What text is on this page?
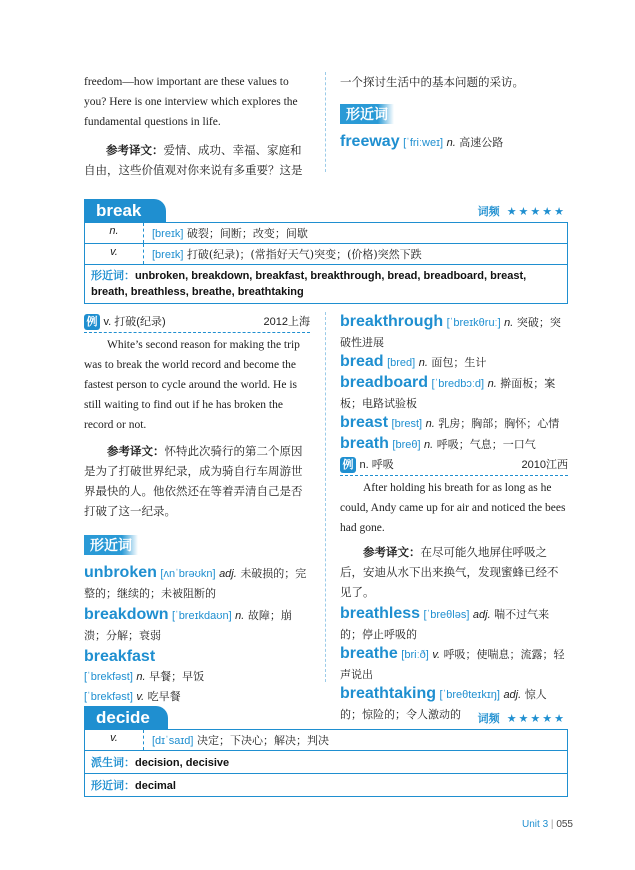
freedom—how important are these values to you? Here is one interview which explores the fundamental questions in life.

参考译文：爱情、成功、幸福、家庭和自由，这些价值观对你来说有多重要？这是

一个探讨生活中的基本问题的采访。

形近词

freeway [ˈfriːweɪ] n. 高速公路

break	词频 ★★★★★
n.	[breɪk] 破裂；间断；改变；间歇
v.	[breɪk] 打破(纪录)；(常指好天气)突变；(价格)突然下跌
形近词：unbroken, breakdown, breakfast, breakthrough, bread, breadboard, breast, breath, breathless, breathe, breathtaking
例 v. 打破(纪录)	2012上海

White’s second reason for making the trip was to break the world record and become the fastest person to cycle around the world. He is still waiting to find out if he has broken the record or not.

参考译文：怀特此次骑行的第二个原因是为了打破世界纪录，成为骑自行车周游世界最快的人。他依然还在等着弄清自己是否打破了这一纪录。

形近词

unbroken [ʌnˈbrəʊkn] adj. 未破损的；完整的；继续的；未被阻断的

breakdown [ˈbreɪkdaʊn] n. 故障；崩溃；分解；衰弱

breakfast
[ˈbrekfəst] n. 早餐；早饭
[ˈbrekfəst] v. 吃早餐

breakthrough [ˈbreɪkθruː] n. 突破；突破性进展

bread [bred] n. 面包；生计

breadboard [ˈbredbɔːd] n. 擀面板；案板；电路试验板

breast [brest] n. 乳房；胸部；胸怀；心情

breath [breθ] n. 呼吸；气息；一口气

例 n. 呼吸	2010江西

After holding his breath for as long as he could, Andy came up for air and noticed the bees had gone.

参考译文：在尽可能久地屏住呼吸之后，安迪从水下出来换气，发现蜜蜂已经不见了。

breathless [ˈbreθləs] adj. 喘不过气来的；停止呼吸的

breathe [briːð] v. 呼吸；使喘息；流露；轻声说出

breathtaking [ˈbreθteɪkɪŋ] adj. 惊人的；惊险的；令人激动的

decide	词频 ★★★★★
v.	[dɪˈsaɪd] 决定；下决心；解决；判决
派生词：decision, decisive
形近词：decimal
Unit 3 | 055
